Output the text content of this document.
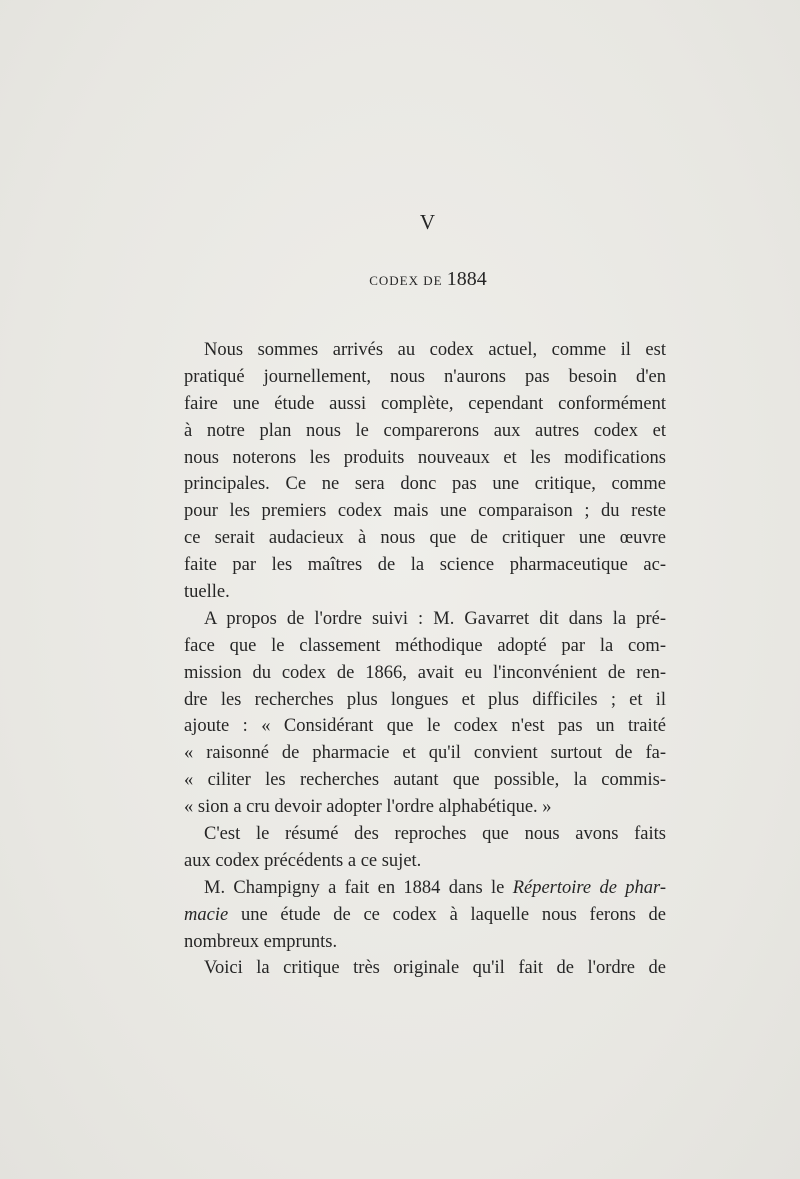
V
CODEX DE 1884
Nous sommes arrivés au codex actuel, comme il est
pratiqué journellement, nous n'aurons pas besoin d'en
faire une étude aussi complète, cependant conformément
à notre plan nous le comparerons aux autres codex et
nous noterons les produits nouveaux et les modifications
principales. Ce ne sera donc pas une critique, comme
pour les premiers codex mais une comparaison ; du reste
ce serait audacieux à nous que de critiquer une œuvre
faite par les maîtres de la science pharmaceutique ac-
tuelle.
A propos de l'ordre suivi : M. Gavarret dit dans la pré-
face que le classement méthodique adopté par la com-
mission du codex de 1866, avait eu l'inconvénient de ren-
dre les recherches plus longues et plus difficiles ; et il
ajoute : « Considérant que le codex n'est pas un traité
« raisonné de pharmacie et qu'il convient surtout de fa-
« ciliter les recherches autant que possible, la commis-
« sion a cru devoir adopter l'ordre alphabétique. »
C'est le résumé des reproches que nous avons faits
aux codex précédents a ce sujet.
M. Champigny a fait en 1884 dans le Répertoire de phar-
macie une étude de ce codex à laquelle nous ferons de
nombreux emprunts.
Voici la critique très originale qu'il fait de l'ordre de
